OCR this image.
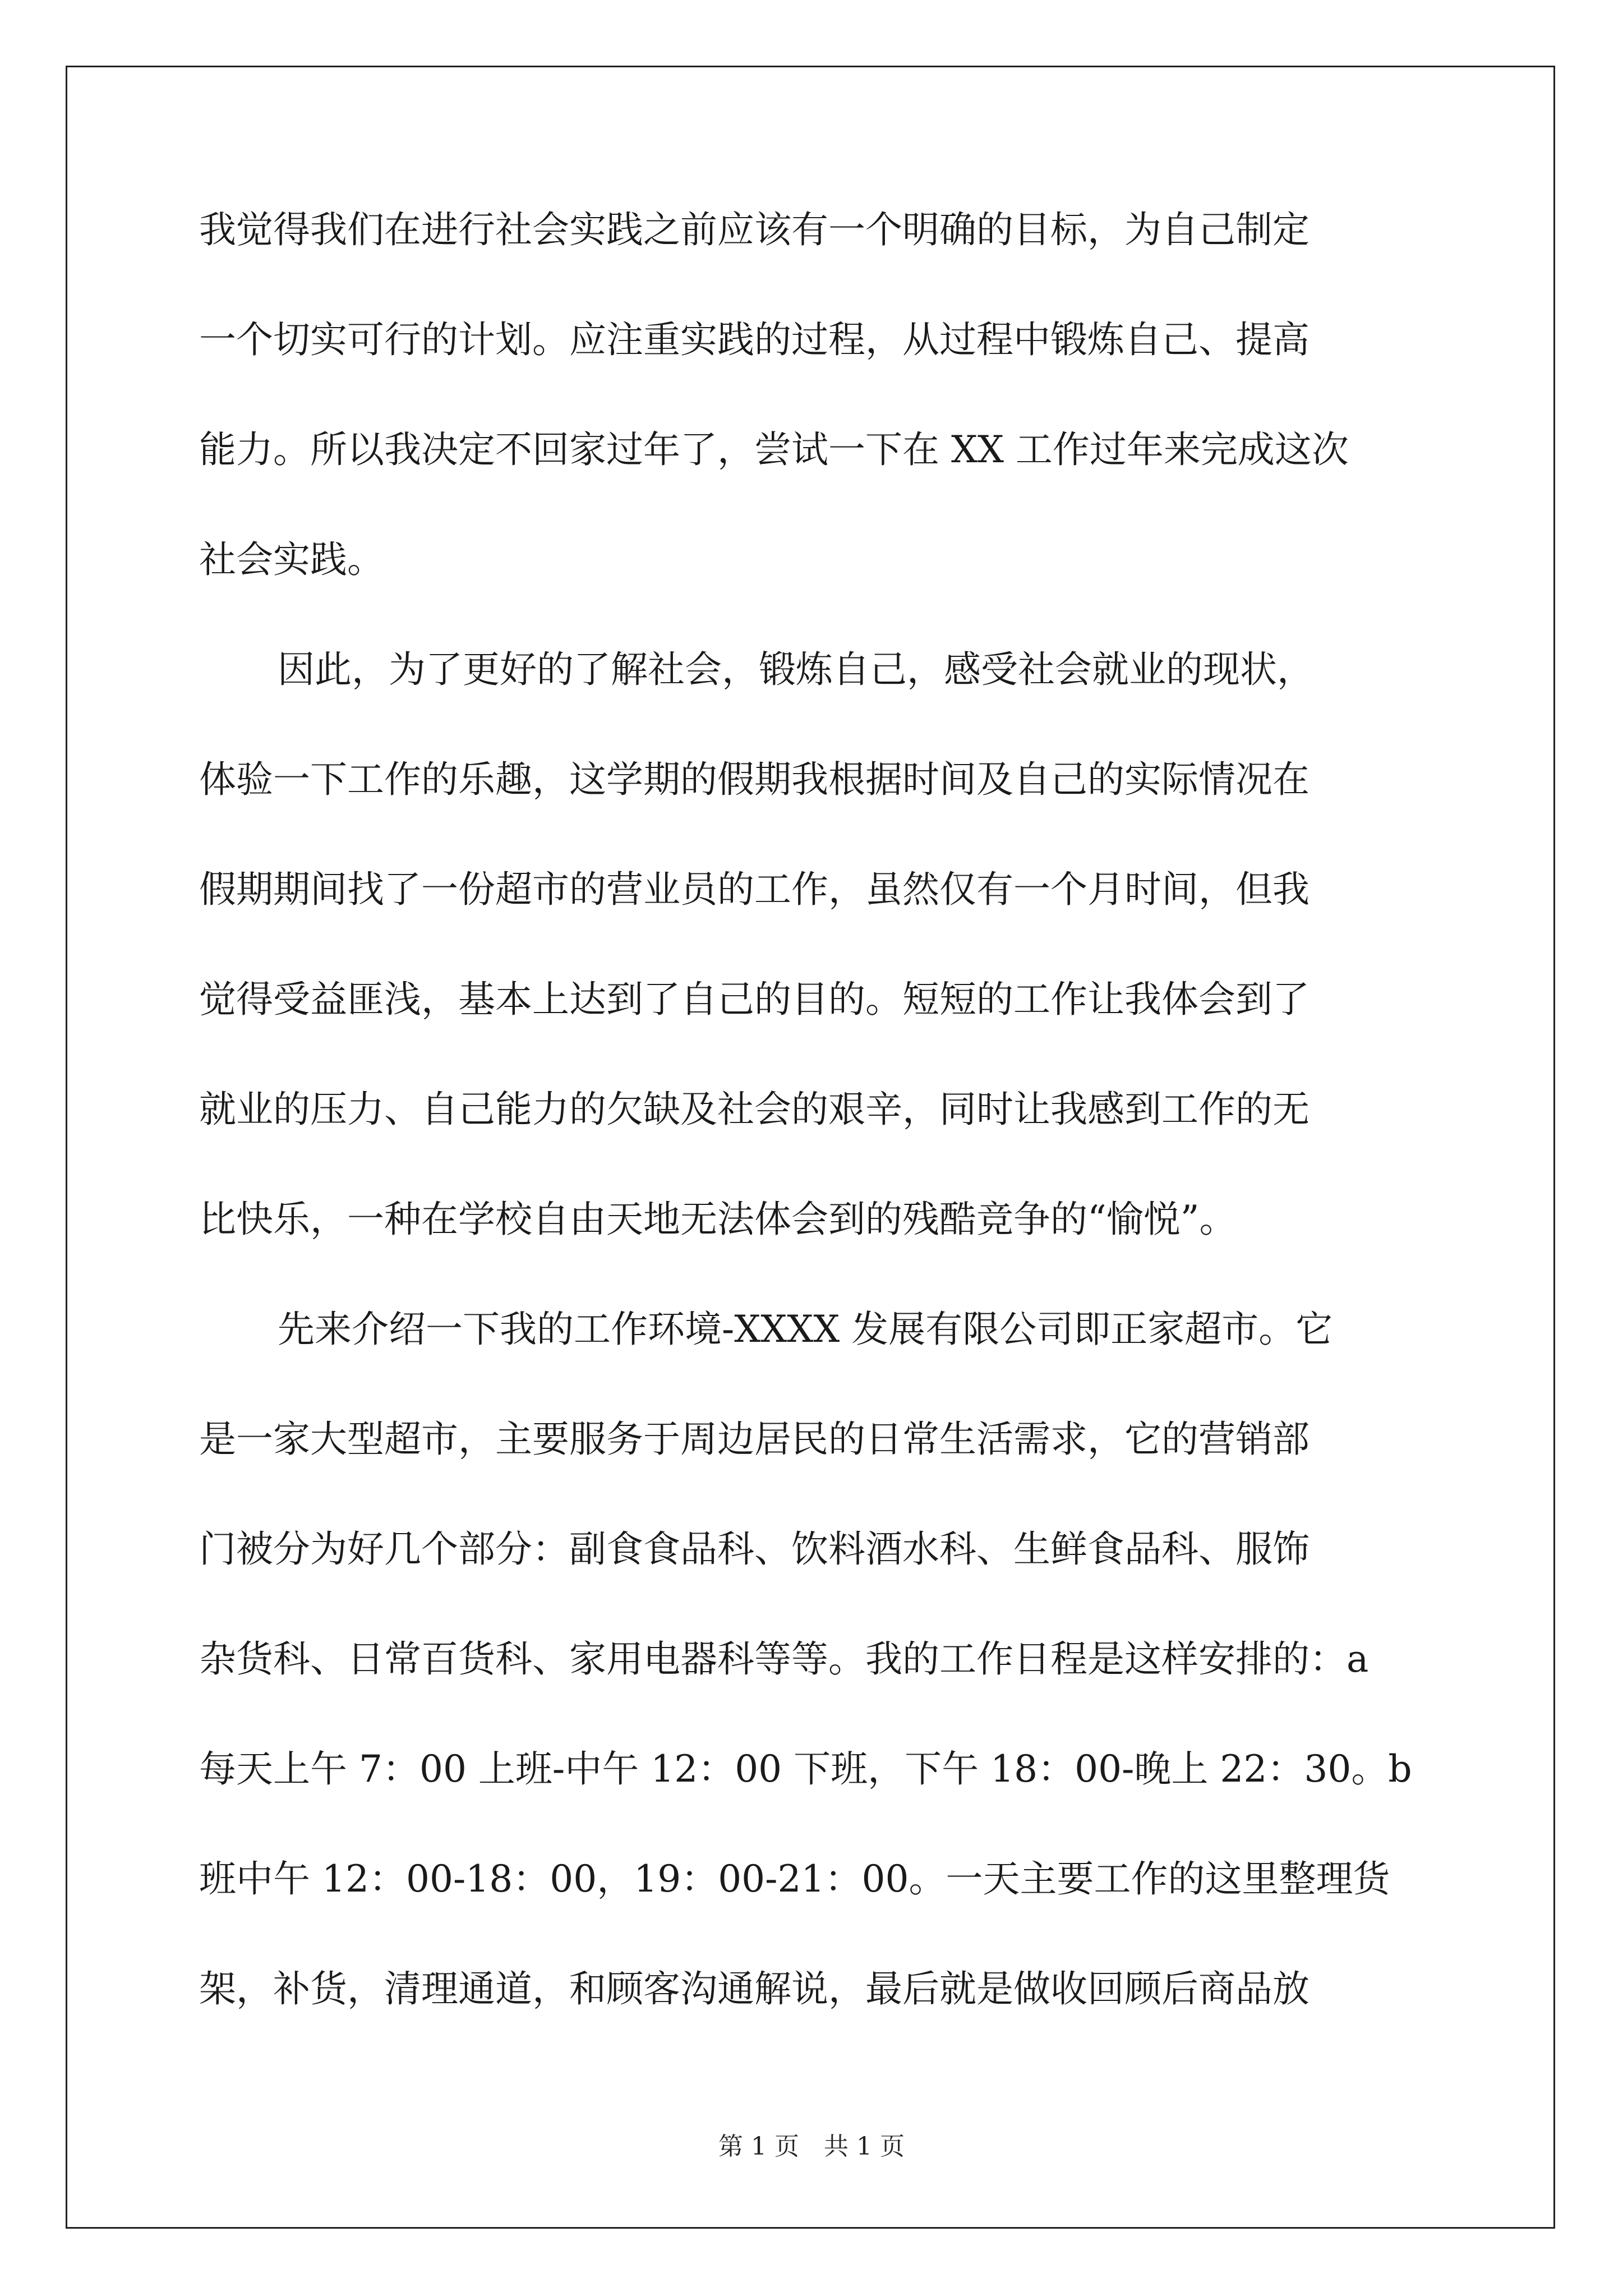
我觉得我们在进行社会实践之前应该有一个明确的目标，为自己制定
一个切实可行的计划。应注重实践的过程，从过程中锻炼自己、提高
能力。所以我决定不回家过年了，尝试一下在 XX 工作过年来完成这次
社会实践。
因此，为了更好的了解社会，锻炼自己，感受社会就业的现状，
体验一下工作的乐趣，这学期的假期我根据时间及自己的实际情况在
假期期间找了一份超市的营业员的工作，虽然仅有一个月时间，但我
觉得受益匪浅，基本上达到了自己的目的。短短的工作让我体会到了
就业的压力、自己能力的欠缺及社会的艰辛，同时让我感到工作的无
比快乐，一种在学校自由天地无法体会到的残酷竞争的“愉悦”。
先来介绍一下我的工作环境-XXXX 发展有限公司即正家超市。它
是一家大型超市，主要服务于周边居民的日常生活需求，它的营销部
门被分为好几个部分：副食食品科、饮料酒水科、生鲜食品科、服饰
杂货科、日常百货科、家用电器科等等。我的工作日程是这样安排的：a
每天上午 7：00 上班-中午 12：00 下班，下午 18：00-晚上 22：30。b
班中午 12：00-18：00，19：00-21：00。一天主要工作的这里整理货
架，补货，清理通道，和顾客沟通解说，最后就是做收回顾后商品放
第 1 页　共 1 页
